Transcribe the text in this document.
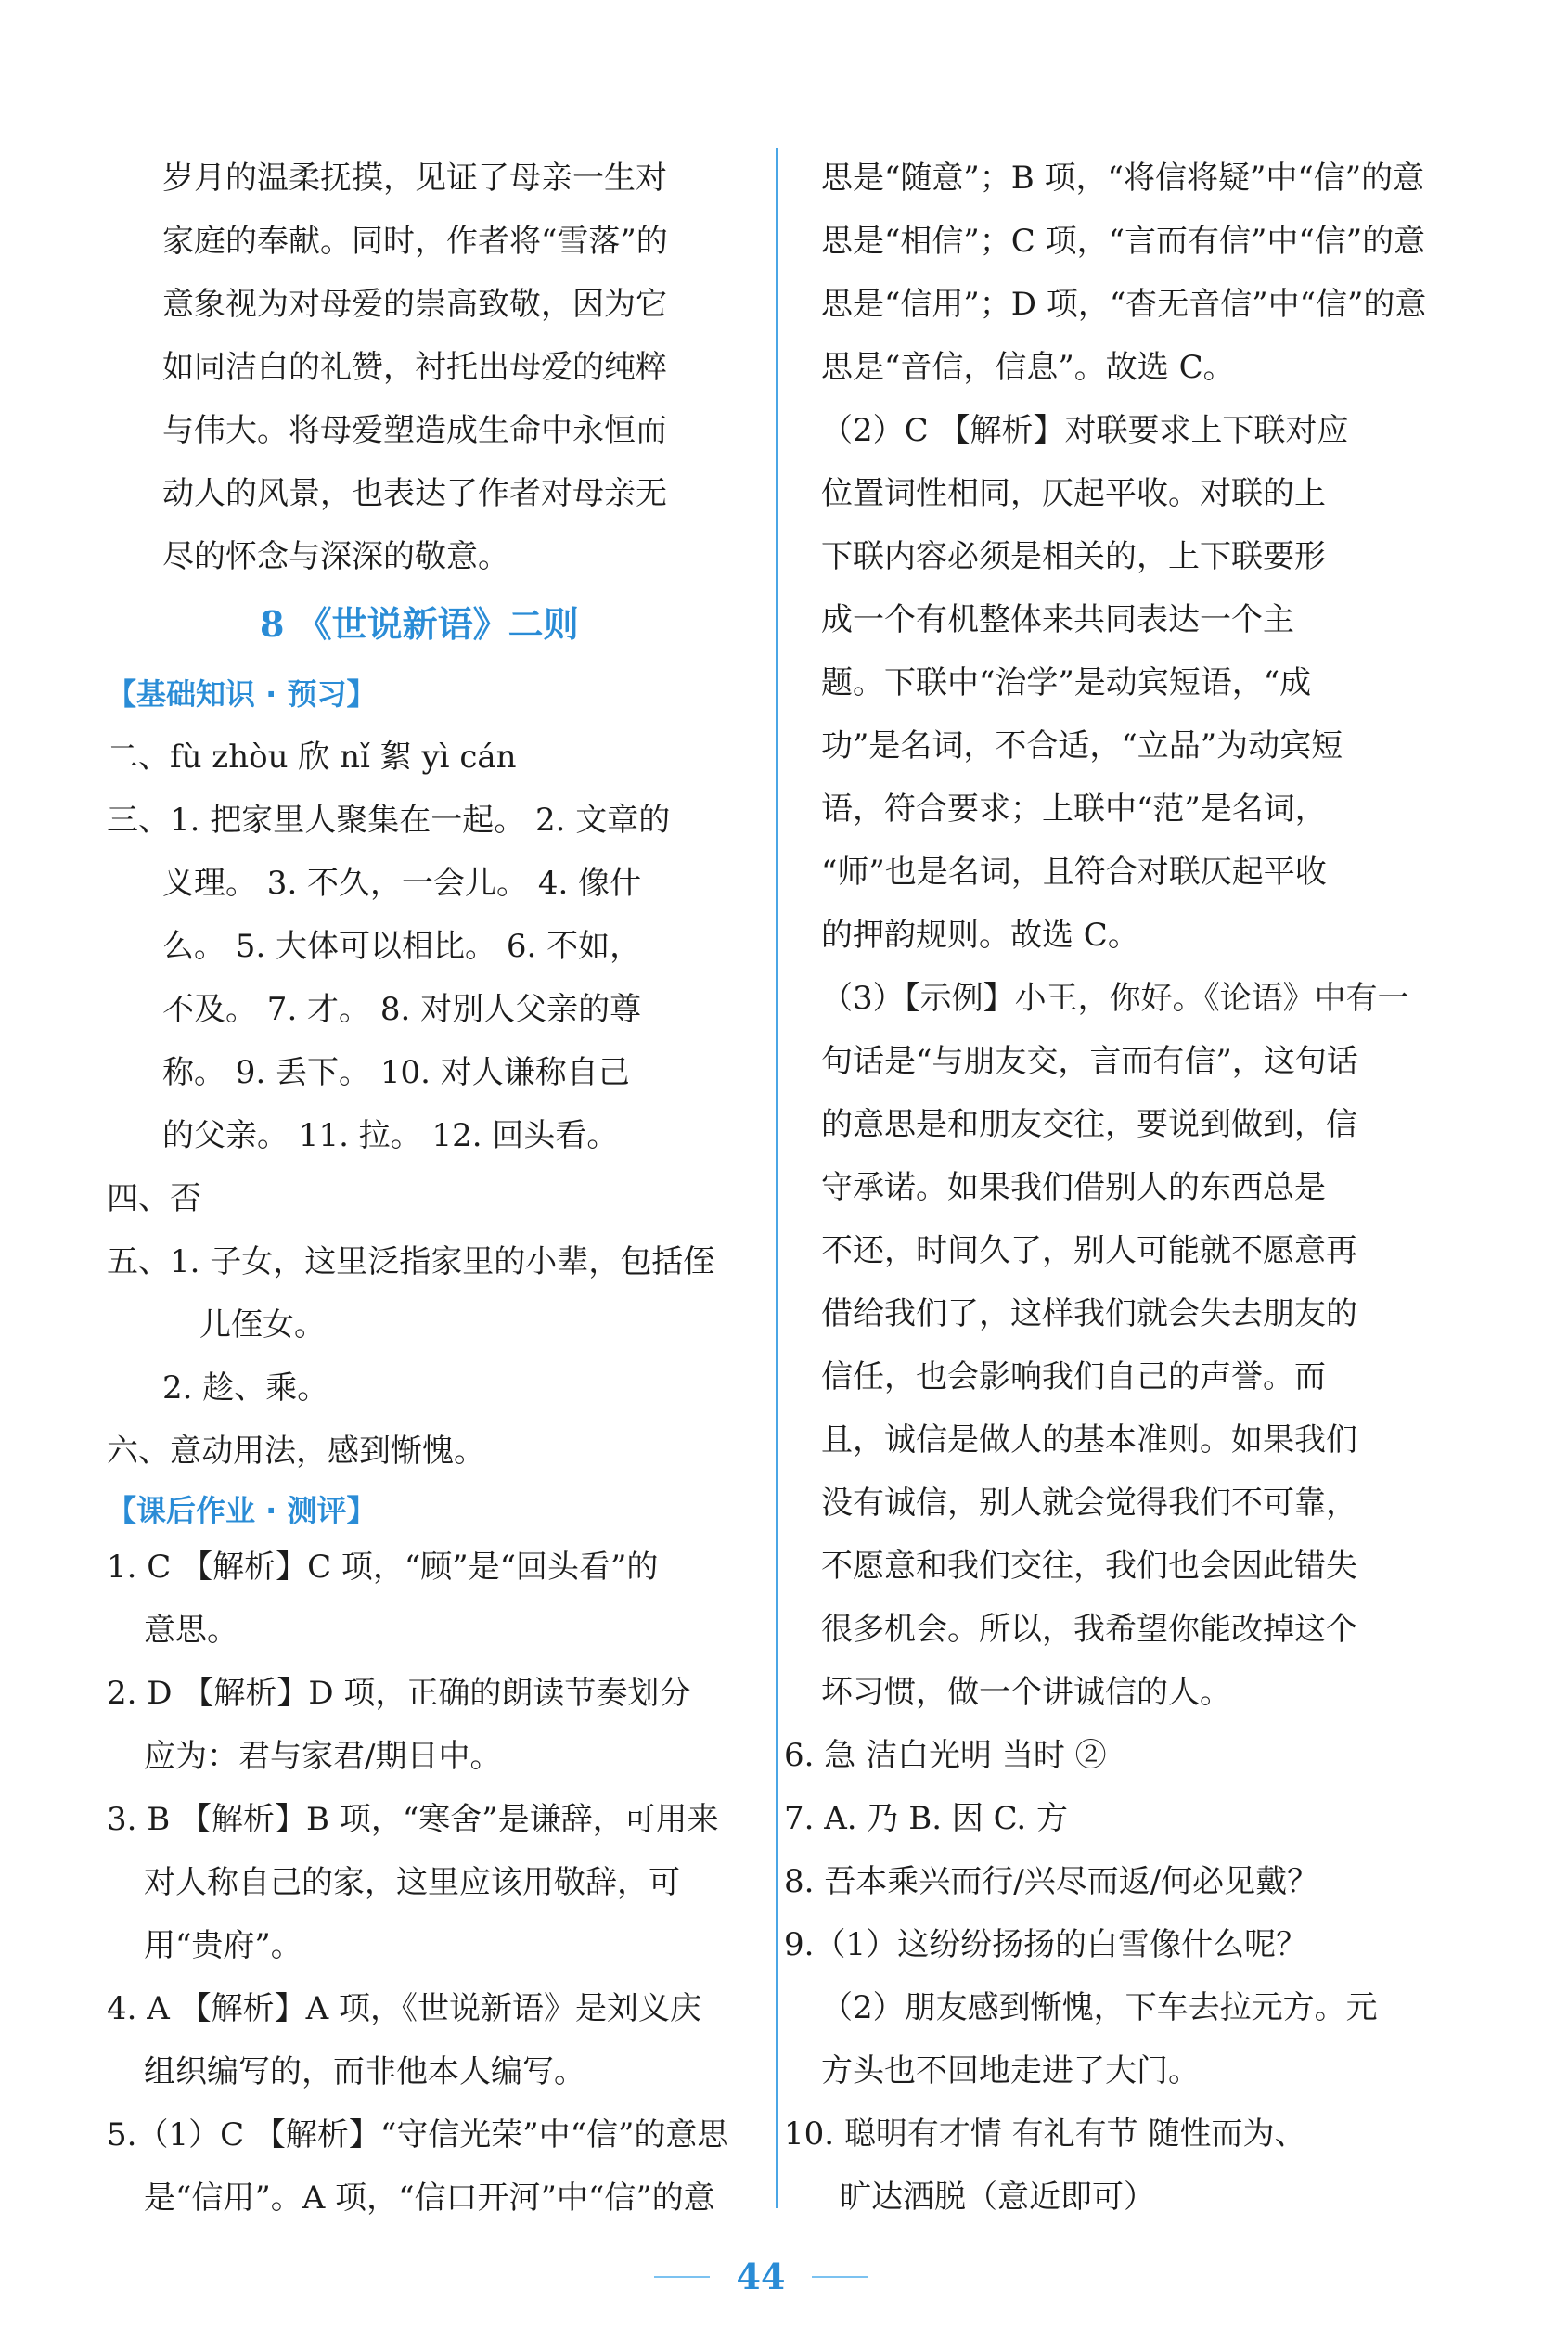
岁月的温柔抚摸，见证了母亲一生对
家庭的奉献。同时，作者将“雪落”的
意象视为对母爱的崇高致敬，因为它
如同洁白的礼赞，衬托出母爱的纯粹
与伟大。将母爱塑造成生命中永恒而
动人的风景，也表达了作者对母亲无
尽的怀念与深深的敬意。
8 《世说新语》二则
【基础知识 · 预习】
二、fù zhòu 欣 nǐ 絮 yì cán
三、1. 把家里人聚集在一起。 2. 文章的
义理。 3. 不久，一会儿。 4. 像什
么。 5. 大体可以相比。 6. 不如，
不及。 7. 才。 8. 对别人父亲的尊
称。 9. 丢下。 10. 对人谦称自己
的父亲。 11. 拉。 12. 回头看。
四、否
五、1. 子女，这里泛指家里的小辈，包括侄
儿侄女。
2. 趁、乘。
六、意动用法，感到惭愧。
【课后作业 · 测评】
1. C 【解析】C 项，“顾”是“回头看”的
意思。
2. D 【解析】D 项，正确的朗读节奏划分
应为：君与家君/期日中。
3. B 【解析】B 项，“寒舍”是谦辞，可用来
对人称自己的家，这里应该用敬辞，可
用“贵府”。
4. A 【解析】A 项，《世说新语》是刘义庆
组织编写的，而非他本人编写。
5.（1）C 【解析】“守信光荣”中“信”的意思
是“信用”。A 项，“信口开河”中“信”的意
思是“随意”；B 项，“将信将疑”中“信”的意
思是“相信”；C 项，“言而有信”中“信”的意
思是“信用”；D 项，“杳无音信”中“信”的意
思是“音信，信息”。故选 C。
（2）C 【解析】对联要求上下联对应
位置词性相同，仄起平收。对联的上
下联内容必须是相关的，上下联要形
成一个有机整体来共同表达一个主
题。下联中“治学”是动宾短语，“成
功”是名词，不合适，“立品”为动宾短
语，符合要求；上联中“范”是名词，
“师”也是名词，且符合对联仄起平收
的押韵规则。故选 C。
（3）【示例】小王，你好。《论语》中有一
句话是“与朋友交，言而有信”，这句话
的意思是和朋友交往，要说到做到，信
守承诺。如果我们借别人的东西总是
不还，时间久了，别人可能就不愿意再
借给我们了，这样我们就会失去朋友的
信任，也会影响我们自己的声誉。而
且，诚信是做人的基本准则。如果我们
没有诚信，别人就会觉得我们不可靠，
不愿意和我们交往，我们也会因此错失
很多机会。所以，我希望你能改掉这个
坏习惯，做一个讲诚信的人。
6. 急 洁白光明 当时 ②
7. A. 乃 B. 因 C. 方
8. 吾本乘兴而行/兴尽而返/何必见戴？
9.（1）这纷纷扬扬的白雪像什么呢？
（2）朋友感到惭愧，下车去拉元方。元
方头也不回地走进了大门。
10. 聪明有才情 有礼有节 随性而为、
旷达洒脱（意近即可）
44
